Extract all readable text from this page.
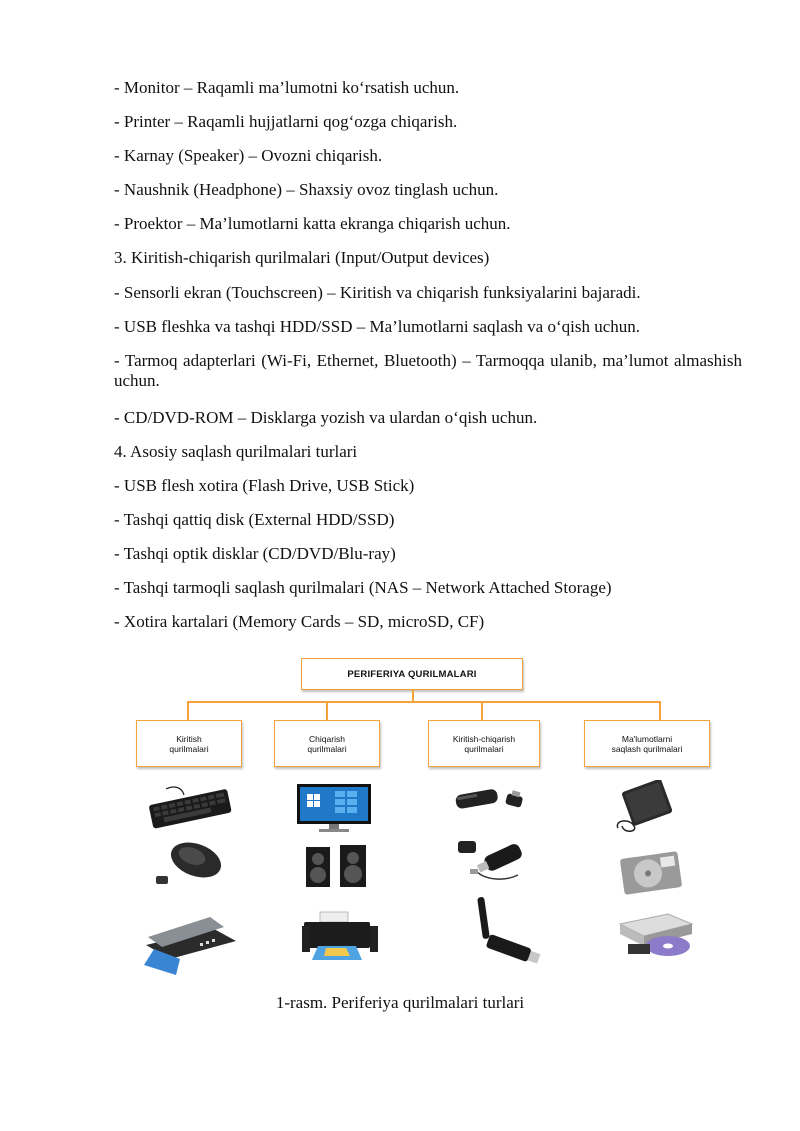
- Monitor – Raqamli ma’lumotni ko‘rsatish uchun.
- Printer – Raqamli hujjatlarni qog‘ozga chiqarish.
- Karnay (Speaker) – Ovozni chiqarish.
- Naushnik (Headphone) – Shaxsiy ovoz tinglash uchun.
- Proektor – Ma’lumotlarni katta ekranga chiqarish uchun.
3. Kiritish-chiqarish qurilmalari (Input/Output devices)
- Sensorli ekran (Touchscreen) – Kiritish va chiqarish funksiyalarini bajaradi.
- USB fleshka va tashqi HDD/SSD – Ma’lumotlarni saqlash va o‘qish uchun.
- Tarmoq adapterlari (Wi-Fi, Ethernet, Bluetooth) – Tarmoqqa ulanib, ma’lumot almashish uchun.
- CD/DVD-ROM – Disklarga yozish va ulardan o‘qish uchun.
4. Asosiy saqlash qurilmalari turlari
- USB flesh xotira (Flash Drive, USB Stick)
- Tashqi qattiq disk (External HDD/SSD)
- Tashqi optik disklar (CD/DVD/Blu-ray)
- Tashqi tarmoqli saqlash qurilmalari (NAS – Network Attached Storage)
- Xotira kartalari (Memory Cards – SD, microSD, CF)
PERIFERIYA QURILMALARI
Kiritish
qurilmalari
Chiqarish
qurilmalari
Kiritish-chiqarish
qurilmalari
Ma'lumotlarni
saqlash qurilmalari
1-rasm. Periferiya qurilmalari turlari
